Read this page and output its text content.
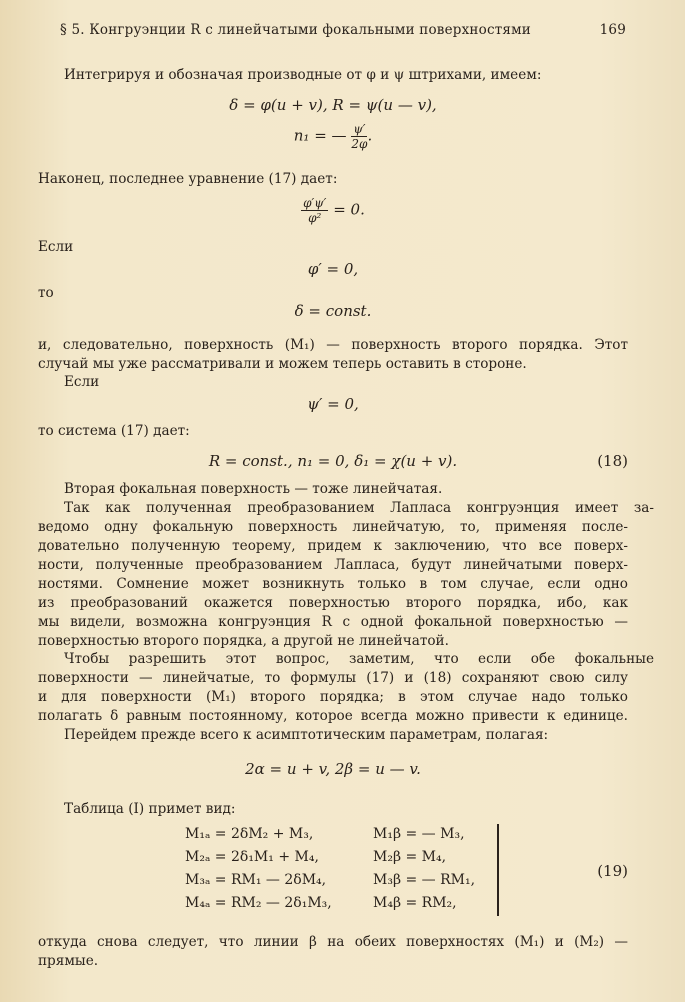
§ 5. Конгруэнции R с линейчатыми фокальными поверхностями	169
Интегрируя и обозначая производные от φ и ψ штрихами, имеем:
δ = φ(u + v), R = ψ(u — v),
n₁ = — $\frac{\psi'}{2\varphi}$ .
Наконец, последнее уравнение (17) дает:
$\frac{\varphi'\psi'}{\text{φ²}} = 0$.
Если
φ′ = 0,
то
δ = const.
и, следовательно, поверхность (M₁) — поверхность второго порядка. Этот
случай мы уже рассматривали и можем теперь оставить в стороне.
Если
ψ′ = 0,
то система (17) дает:
R = const., n₁ = 0, δ₁ = χ(u + v).	(18)
Вторая фокальная поверхность — тоже линейчатая.
Так как полученная преобразованием Лапласа конгруэнция имеет за-
ведомо одну фокальную поверхность линейчатую, то, применяя после-
довательно полученную теорему, придем к заключению, что все поверх-
ности, полученные преобразованием Лапласа, будут линейчатыми поверх-
ностями. Сомнение может возникнуть только в том случае, если одно
из преобразований окажется поверхностью второго порядка, ибо, как
мы видели, возможна конгруэнция R с одной фокальной поверхностью —
поверхностью второго порядка, а другой не линейчатой.
Чтобы разрешить этот вопрос, заметим, что если обе фокальные
поверхности — линейчатые, то формулы (17) и (18) сохраняют свою силу
и для поверхности (M₁) второго порядка; в этом случае надо только
полагать δ равным постоянному, которое всегда можно привести к единице.
Перейдем прежде всего к асимптотическим параметрам, полагая:
2α = u + v, 2β = u — v.
Таблица (I) примет вид:
M₁ₐ = 2δM₂ + M₃,	M₁β = — M₃,
M₂ₐ = 2δ₁M₁ + M₄,	M₂β = M₄,
M₃ₐ = RM₁ — 2δM₄,	M₃β = — RM₁,
M₄ₐ = RM₂ — 2δ₁M₃,	M₄β = RM₂,
(19)
откуда снова следует, что линии β на обеих поверхностях (M₁) и (M₂) —
прямые.
